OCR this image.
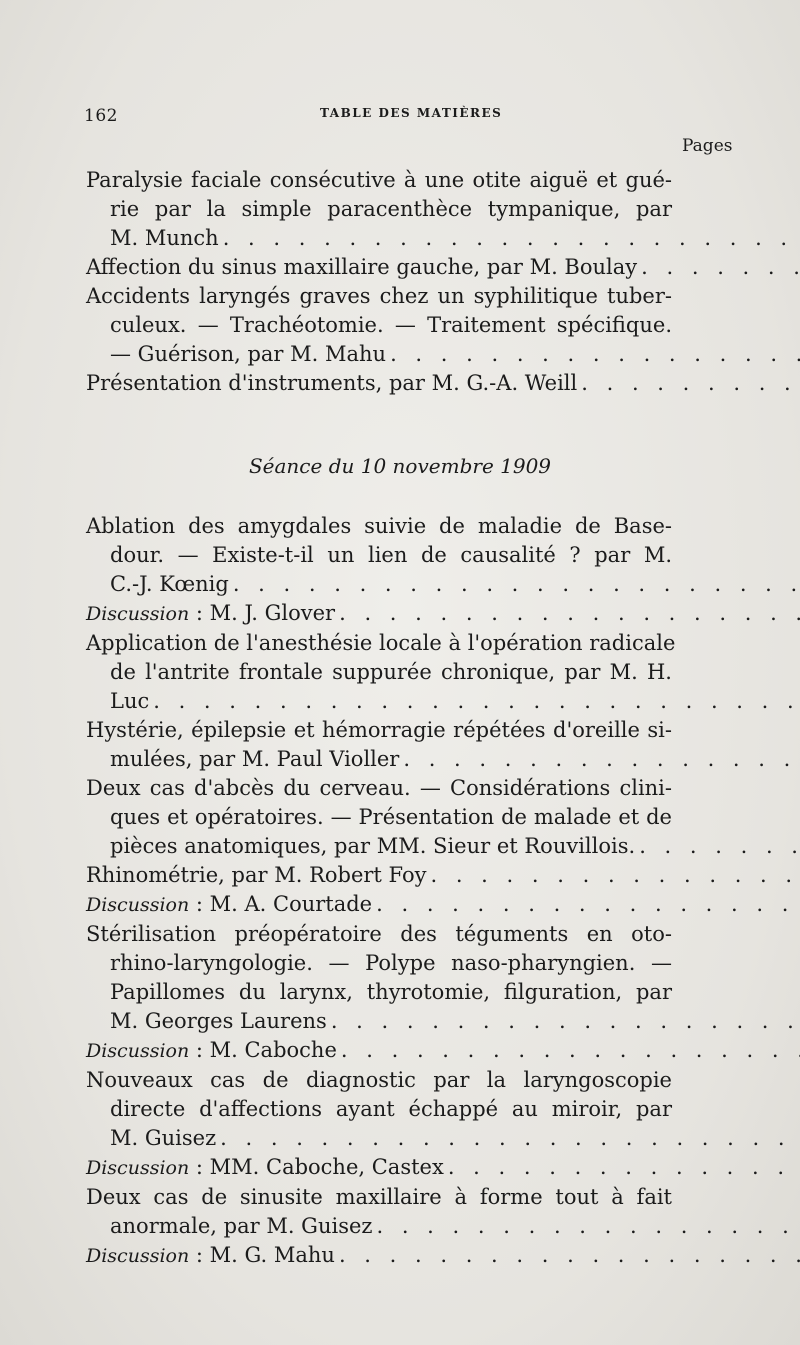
162	TABLE DES MATIÈRES
Pages
Paralysie faciale consécutive à une otite aiguë et gué-
rie par la simple paracenthèce tympanique, par
M. Munch . . .
Affection du sinus maxillaire gauche, par M. Boulay . . .
Accidents laryngés graves chez un syphilitique tuber-
culeux. — Trachéotomie. — Traitement spécifique.
— Guérison, par M. Mahu . . .
Présentation d'instruments, par M. G.-A. Weill . . .
Séance du 10 novembre 1909
Ablation des amygdales suivie de maladie de Base-
dour. — Existe-t-il un lien de causalité ? par M.
C.-J. Kœnig . . .
Discussion : M. J. Glover . . .
Application de l'anesthésie locale à l'opération radicale
de l'antrite frontale suppurée chronique, par M. H.
Luc . . .
Hystérie, épilepsie et hémorragie répétées d'oreille si-
mulées, par M. Paul Violler . . .
Deux cas d'abcès du cerveau. — Considérations clini-
ques et opératoires. — Présentation de malade et de
pièces anatomiques, par MM. Sieur et Rouvillois. . . .
Rhinométrie, par M. Robert Foy . . .
Discussion : M. A. Courtade . . .
Stérilisation préopératoire des téguments en oto-
rhino-laryngologie. — Polype naso-pharyngien. —
Papillomes du larynx, thyrotomie, filguration, par
M. Georges Laurens . . .
Discussion : M. Caboche . . .
Nouveaux cas de diagnostic par la laryngoscopie
directe d'affections ayant échappé au miroir, par
M. Guisez . . .
Discussion : MM. Caboche, Castex . . .
Deux cas de sinusite maxillaire à forme tout à fait
anormale, par M. Guisez . . .
Discussion : M. G. Mahu . . .
